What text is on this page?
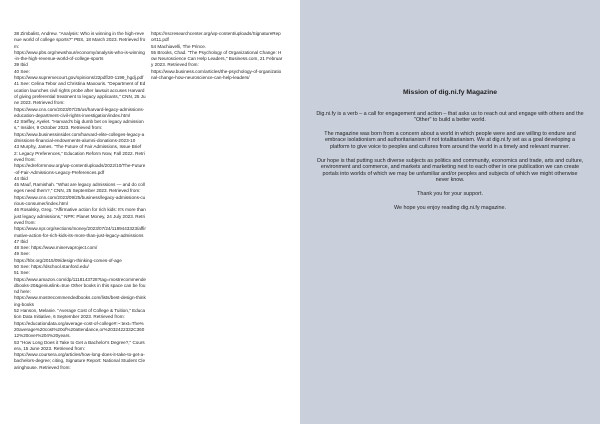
38 Zimbalist, Andrew. "Analysis: Who is winning in the high-revenue world of college sports?" PBS, 18 March 2023. Retrieved from:
https://www.pbs.org/newshour/economy/analysis-who-is-winning-in-the-high-revenue-world-of-college-sports

39 Ibid

40 See:
https://www.supremecourt.gov/opinions/22pdf/20-1199_hgdj.pdf

41 See: Celina Tebor and Christina Maxouris. "Department of Education launches civil rights probe after lawsuit accuses Harvard of giving preferential treatment to legacy applicants," CNN, 25 June 2023. Retrieved from:
https://www.cnn.com/2023/07/25/us/harvard-legacy-admissions-education-department-civil-rights-investigation/index.html

42 Steffey, Ayelet. "Harvard's big dumb bet on legacy admissions," Insider, 9 October 2023. Retrieved from:
https://www.businessinsider.com/harvard-elite-colleges-legacy-admissions-financial-endowments-alumni-donations-2023-10

43 Murphy, James. "The Future of Fair Admissions, Issue Brief 2: Legacy Preferences," Education Reform Now, Fall 2022. Retrieved from:
https://edreformnow.org/wp-content/uploads/2022/10/The-Future-of-Fair-Admissions-Legacy-Preferences.pdf

44 Ibid

45 Mauf, Ramishah. "What are legacy admissions — and do colleges need them?," CNN, 25 September 2023. Retrieved from:
https://www.cnn.com/2023/09/25/business/legacy-admissions-curious-consumer/index.html

46 Rosalsky, Greg. "Affirmative action for rich kids: It's more than just legacy admissions," NPR: Planet Money, 24 July 2023. Retrieved from:
https://www.npr.org/sections/money/2023/07/24/1189443323/affirmative-action-for-rich-kids-its-more-than-just-legacy-admissions

47 Ibid

48 See: https://www.minervaproject.com/

49 See:
https://hbr.org/2015/09/design-thinking-comes-of-age

50 See: https://dschool.stanford.edu/

51 See:
https://www.amazon.com/dp/1118143728?tag=mostrecommendedbooks-20&geniuslink=true Other books in this space can be found here:
https://www.mostrecommendedbooks.com/lists/best-design-thinking-books

52 Hanson, Melanie. "Average Cost of College & Tuition," Education Data Initiative, 6 September 2023. Retrieved from:
https://educationdata.org/average-cost-of-college#:~:text=The%20average%20cost%20of%20attendance,or%2032422332C36012%20over%204%20years.

53 "How Long Does it Take to Get a Bachelor's Degree?," Coursera, 15 June 2023. Retrieved from:
https://www.coursera.org/articles/how-long-does-it-take-to-get-a-bachelors-degree; citing, Signature Report: National Student Clearinghouse. Retrieved from:

https://nscresearchcenter.org/wp-content/uploads/SignatureReport11.pdf

54 Machiavelli, The Prince.

55 Brooks, Chad. "The Psychology of Organizational Change: How Neuroscience Can Help Leaders," Business.com, 21 February 2023. Retrieved from:
https://www.business.com/articles/the-psychology-of-organizational-change-how-neuroscience-can-help-leaders/

Mission of dig.ni.fy Magazine

Dig.ni.fy is a verb – a call for engagement and action – that asks us to reach out and engage with others and the "Other" to build a better world.

The magazine was born from a concern about a world in which people were and are willing to endure and embrace isolationism and authoritarianism if not totalitarianism. We at dig.ni.fy set as a goal developing a platform to give voice to peoples and cultures from around the world in a timely and relevant manner.

Our hope is that putting such diverse subjects as politics and community, economics and trade, arts and culture, environment and commerce, and markets and marketing next to each other in one publication we can create portals into worlds of which we may be unfamiliar and/or peoples and subjects of which we might otherwise never know.

Thank you for your support.

We hope you enjoy reading dig.ni.fy magazine.
